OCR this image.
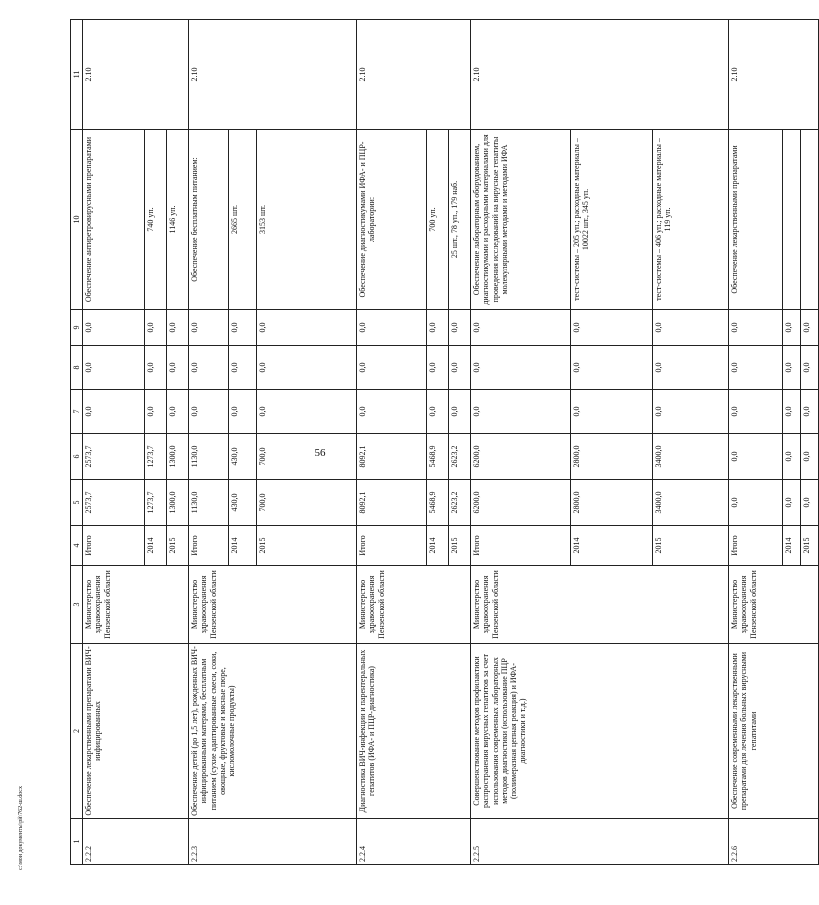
56
c:\мои документы\рй\762-ш.docx	1	2	3	4	5	6	7	8	9	10	11
2.2.2	Обеспечение лекарственными препаратами ВИЧ-инфицированных	Министерство здравоохранения Пензенской области	Итого	2573,7	2573,7	0,0	0,0	0,0	Обеспечение антиретровирусными препаратами	2.10
			2014	1273,7	1273,7	0,0	0,0	0,0	740 уп.	
			2015	1300,0	1300,0	0,0	0,0	0,0	1146 уп.	
2.2.3	Обеспечение детей (до 1,5 лет), рожденных ВИЧ-инфицированными матерями, бесплатным питанием (сухие адаптированные смеси, соки, овощные, фруктовые и мясные пюре, кисломолочные продукты)	Министерство здравоохранения Пензенской области	Итого	1130,0	1130,0	0,0	0,0	0,0	Обеспечение бесплатным питанием:	2.10
			2014	430,0	430,0	0,0	0,0	0,0	2665 шт.	
			2015	700,0	700,0	0,0	0,0	0,0	3153 шт.	
2.2.4	Диагностика ВИЧ-инфекции и парентеральных гепатитов (ИФА- и ПЦР-диагностика)	Министерство здравоохранения Пензенской области	Итого	8092,1	8092,1	0,0	0,0	0,0	Обеспечение диагностикумами ИФА- и ПЦР-лаборатории:	2.10
			2014	5468,9	5468,9	0,0	0,0	0,0	700 уп.	
			2015	2623,2	2623,2	0,0	0,0	0,0	25 шт., 78 уп., 179 наб.	
2.2.5	Совершенствование методов профилактики распространения вирусных гепатитов за счет использования современных лабораторных методов диагностики (использование ПЦР (полимеразная цепная реакция) и ИФА-диагностики и т.д.)	Министерство здравоохранения Пензенской области	Итого	6200,0	6200,0	0,0	0,0	0,0	Обеспечение лабораторным оборудованием, диагностикумами и расходными материалами для проведения исследований на вирусные гепатиты молекулярными методами и методами ИФА	2.10
			2014	2800,0	2800,0	0,0	0,0	0,0	тест-системы – 205 уп.; расходные материалы – 10022 шт., 345 уп.	
			2015	3400,0	3400,0	0,0	0,0	0,0	тест-системы – 406 уп.; расходные материалы – 119 уп.	
2.2.6	Обеспечение современными лекарственными препаратами для лечения больных вирусными гепатитами	Министерство здравоохранения Пензенской области	Итого	0,0	0,0	0,0	0,0	0,0	Обеспечение лекарственными препаратами	2.10
			2014	0,0	0,0	0,0	0,0	0,0		
			2015	0,0	0,0	0,0	0,0	0,0		
